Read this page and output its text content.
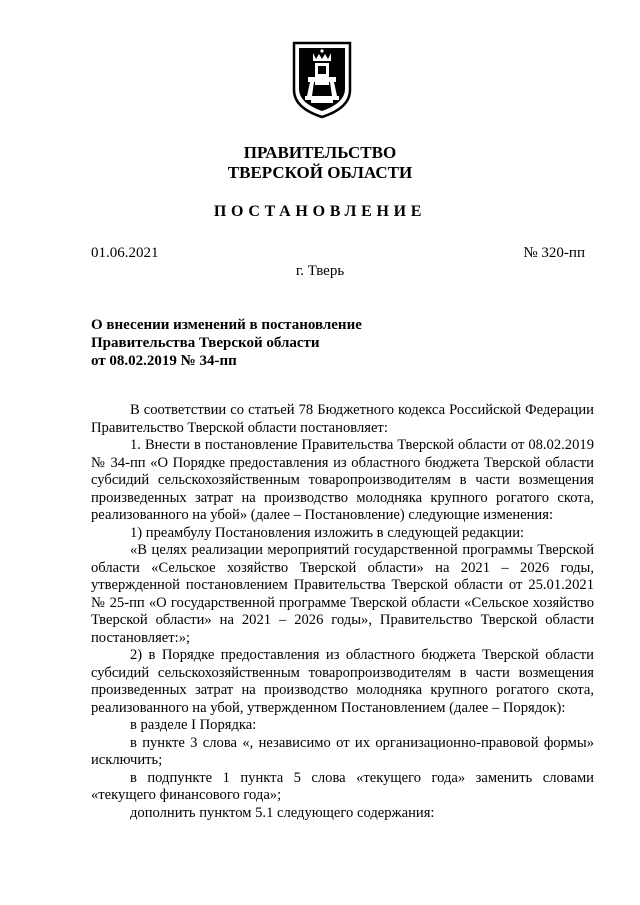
ПРАВИТЕЛЬСТВО
ТВЕРСКОЙ ОБЛАСТИ
ПОСТАНОВЛЕНИЕ
01.06.2021	№ 320-пп
г. Тверь
О внесении изменений в постановление
Правительства Тверской области
от 08.02.2019 № 34-пп

В соответствии со статьей 78 Бюджетного кодекса Российской Федерации Правительство Тверской области постановляет:

1. Внести в постановление Правительства Тверской области от 08.02.2019 № 34-пп «О Порядке предоставления из областного бюджета Тверской области субсидий сельскохозяйственным товаропроизводителям в части возмещения произведенных затрат на производство молодняка крупного рогатого скота, реализованного на убой» (далее – Постановление) следующие изменения:

1) преамбулу Постановления изложить в следующей редакции:

«В целях реализации мероприятий государственной программы Тверской области «Сельское хозяйство Тверской области» на 2021 – 2026 годы, утвержденной постановлением Правительства Тверской области от 25.01.2021 № 25-пп «О государственной программе Тверской области «Сельское хозяйство Тверской области» на 2021 – 2026 годы», Правительство Тверской области постановляет:»;

2) в Порядке предоставления из областного бюджета Тверской области субсидий сельскохозяйственным товаропроизводителям в части возмещения произведенных затрат на производство молодняка крупного рогатого скота, реализованного на убой, утвержденном Постановлением (далее – Порядок):

в разделе I Порядка:

в пункте 3 слова «, независимо от их организационно-правовой формы» исключить;

в подпункте 1 пункта 5 слова «текущего года» заменить словами «текущего финансового года»;

дополнить пунктом 5.1 следующего содержания:
